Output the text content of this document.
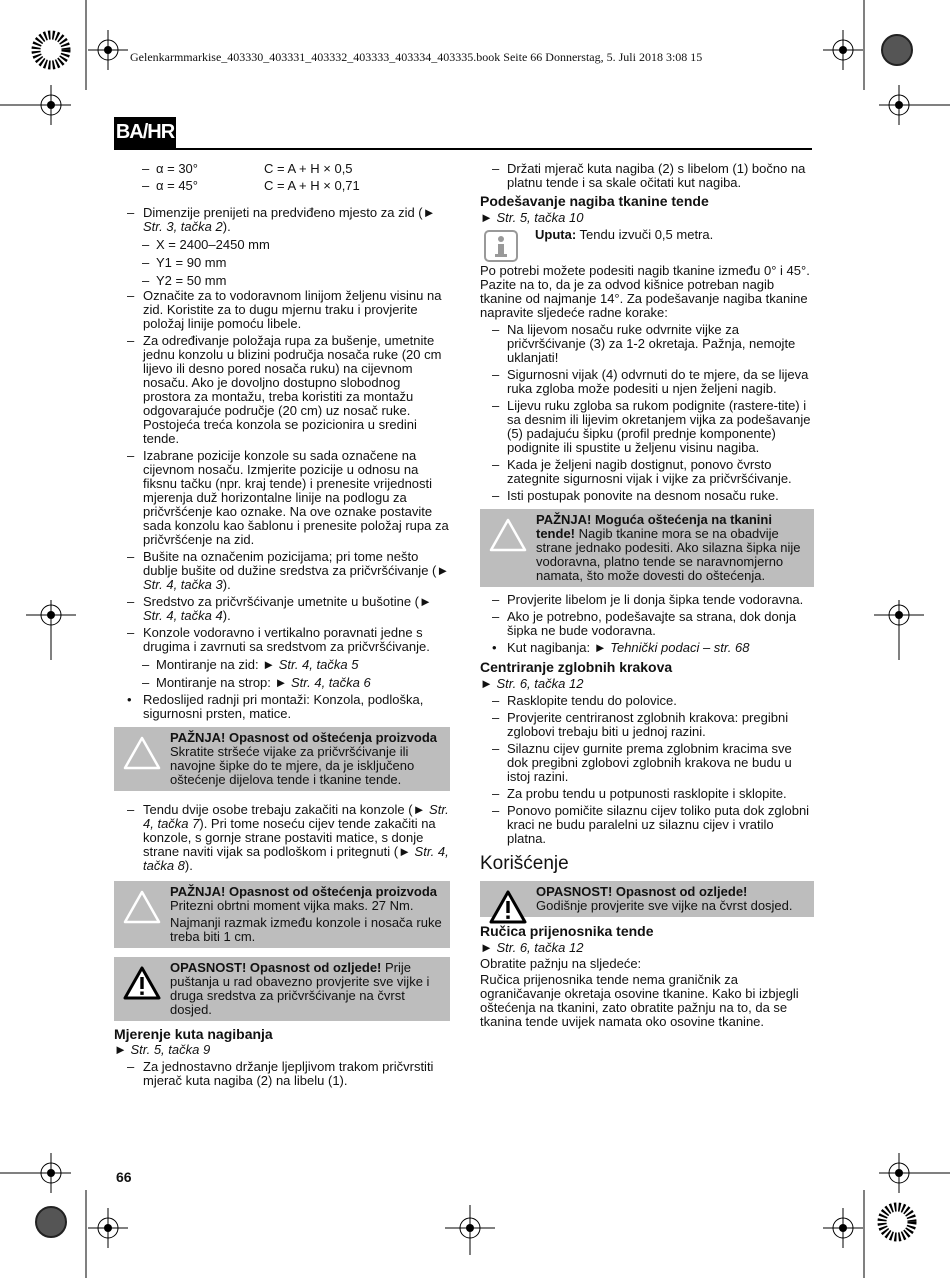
Gelenkarmmarkise_403330_403331_403332_403333_403334_403335.book Seite 66 Donnerstag, 5. Juli 2018 3:08 15
BA/HR
– α = 30°	C = A + H × 0,5
– α = 45°	C = A + H × 0,71
– Dimenzije prenijeti na predviđeno mjesto za zid (► Str. 3, tačka 2).
– X = 2400–2450 mm
– Y1 = 90 mm
– Y2 = 50 mm
– Označite za to vodoravnom linijom željenu visinu na zid. Koristite za to dugu mjernu traku i provjerite položaj linije pomoću libele.
– Za određivanje položaja rupa za bušenje, umetnite jednu konzolu u blizini područja nosača ruke (20 cm lijevo ili desno pored nosača ruku) na cijevnom nosaču. Ako je dovoljno dostupno slobodnog prostora za montažu, treba koristiti za montažu odgovarajuće područje (20 cm) uz nosač ruke. Postojeća treća konzola se pozicionira u sredini tende.
– Izabrane pozicije konzole su sada označene na cijevnom nosaču. Izmjerite pozicije u odnosu na fiksnu tačku (npr. kraj tende) i prenesite vrijednosti mjerenja duž horizontalne linije na podlogu za pričvršćenje kao oznake. Na ove oznake postavite sada konzolu kao šablonu i prenesite položaj rupa za pričvršćenje na zid.
– Bušite na označenim pozicijama; pri tome nešto dublje bušite od dužine sredstva za pričvršćivanje (► Str. 4, tačka 3).
– Sredstvo za pričvršćivanje umetnite u bušotine (► Str. 4, tačka 4).
– Konzole vodoravno i vertikalno poravnati jedne s drugima i zavrnuti sa sredstvom za pričvršćivanje.
– Montiranje na zid: ► Str. 4, tačka 5
– Montiranje na strop: ► Str. 4, tačka 6
• Redoslijed radnji pri montaži: Konzola, podloška, sigurnosni prsten, matice.
PAŽNJA! Opasnost od oštećenja proizvoda Skratite stršeće vijake za pričvršćivanje ili navojne šipke do te mjere, da je isključeno oštećenje dijelova tende i tkanine tende.
– Tendu dvije osobe trebaju zakačiti na konzole (► Str. 4, tačka 7). Pri tome noseću cijev tende zakačiti na konzole, s gornje strane postaviti matice, s donje strane naviti vijak sa podloškom i pritegnuti (► Str. 4, tačka 8).

PAŽNJA! Opasnost od oštećenja proizvoda Pritezni obrtni moment vijka maks. 27 Nm.

Najmanji razmak između konzole i nosača ruke treba biti 1 cm.

OPASNOST! Opasnost od ozljede! Prije puštanja u rad obavezno provjerite sve vijke i druga sredstva za pričvršćivanje na čvrst dosjed.
Mjerenje kuta nagibanja
► Str. 5, tačka 9
– Za jednostavno držanje ljepljivom trakom pričvrstiti mjerač kuta nagiba (2) na libelu (1).
– Držati mjerač kuta nagiba (2) s libelom (1) bočno na platnu tende i sa skale očitati kut nagiba.
Podešavanje nagiba tkanine tende
► Str. 5, tačka 10
Uputa: Tendu izvuči 0,5 metra.

Po potrebi možete podesiti nagib tkanine između 0° i 45°. Pazite na to, da je za odvod kišnice potreban nagib tkanine od najmanje 14°. Za podešavanje nagiba tkanine napravite sljedeće radne korake:

– Na lijevom nosaču ruke odvrnite vijke za pričvršćivanje (3) za 1-2 okretaja. Pažnja, nemojte uklanjati!
– Sigurnosni vijak (4) odvrnuti do te mjere, da se lijeva ruka zgloba može podesiti u njen željeni nagib.
– Lijevu ruku zgloba sa rukom podignite (rastere-tite) i sa desnim ili lijevim okretanjem vijka za podešavanje (5) padajuću šipku (profil prednje komponente) podignite ili spustite u željenu visinu nagiba.
– Kada je željeni nagib dostignut, ponovo čvrsto zategnite sigurnosni vijak i vijke za pričvršćivanje.
– Isti postupak ponovite na desnom nosaču ruke.
PAŽNJA! Moguća oštećenja na tkanini tende! Nagib tkanine mora se na obadvije strane jednako podesiti. Ako silazna šipka nije vodoravna, platno tende se naravnomjerno namata, što može dovesti do oštećenja.
– Provjerite libelom je li donja šipka tende vodoravna.
– Ako je potrebno, podešavajte sa strana, dok donja šipka ne bude vodoravna.
• Kut nagibanja: ► Tehnički podaci – str. 68
Centriranje zglobnih krakova
► Str. 6, tačka 12
– Rasklopite tendu do polovice.
– Provjerite centriranost zglobnih krakova: pregibni zglobovi trebaju biti u jednoj razini.
– Silaznu cijev gurnite prema zglobnim kracima sve dok pregibni zglobovi zglobnih krakova ne budu u istoj razini.
– Za probu tendu u potpunosti rasklopite i sklopite.
– Ponovo pomičite silaznu cijev toliko puta dok zglobni kraci ne budu paralelni uz silaznu cijev i vratilo platna.
Korišćenje

OPASNOST! Opasnost od ozljede!

Godišnje provjerite sve vijke na čvrst dosjed.

Ručica prijenosnika tende
► Str. 6, tačka 12

Obratite pažnju na sljedeće:

Ručica prijenosnika tende nema graničnik za ograničavanje okretaja osovine tkanine. Kako bi izbjegli oštećenja na tkanini, zato obratite pažnju na to, da se tkanina tende uvijek namata oko osovine tkanine.

66
